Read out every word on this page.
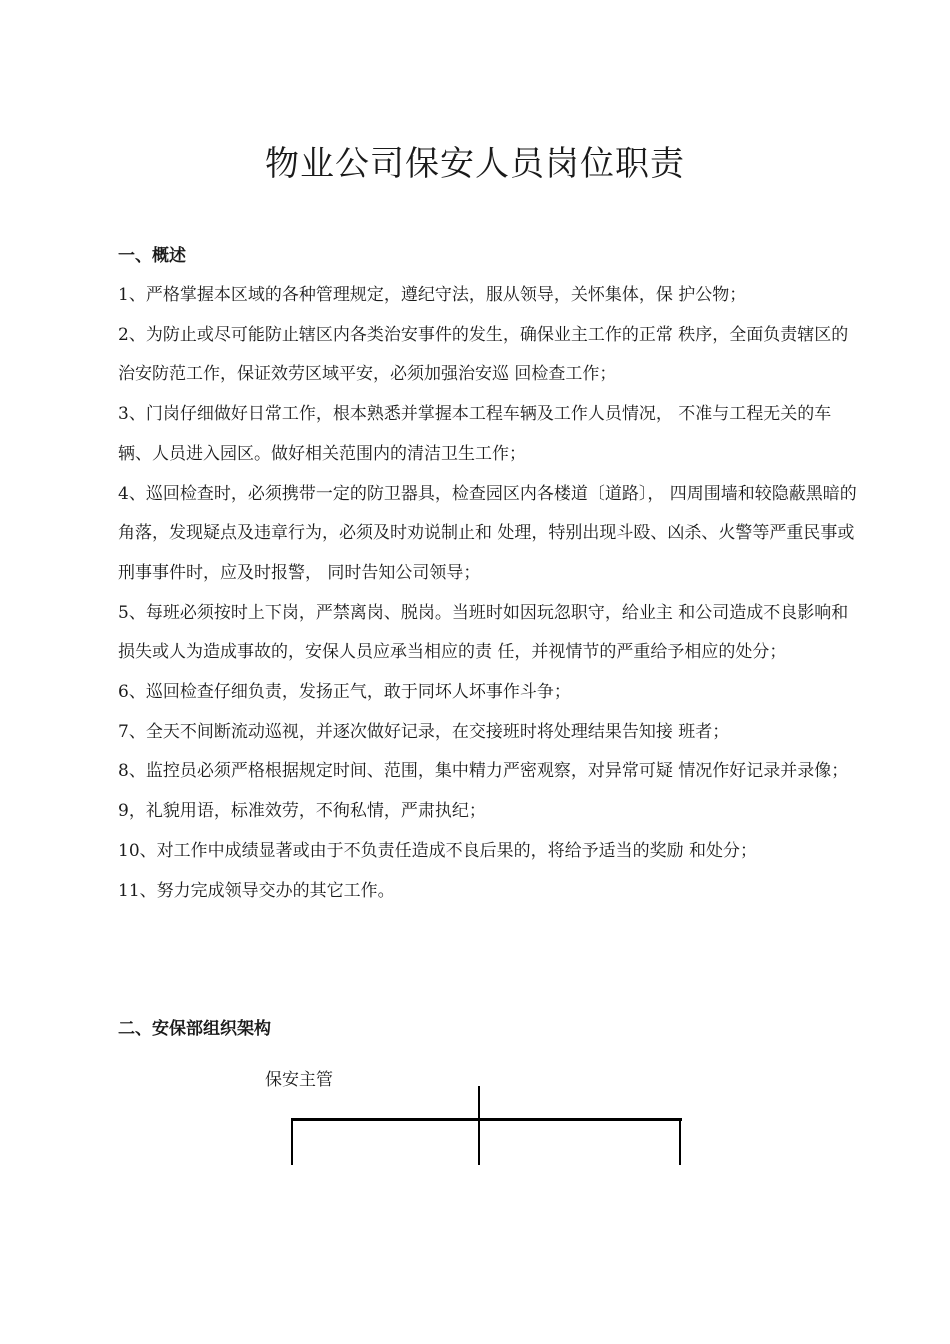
物业公司保安人员岗位职责
一、概述

1、严格掌握本区域的各种管理规定，遵纪守法，服从领导，关怀集体，保 护公物；

2、为防止或尽可能防止辖区内各类治安事件的发生，确保业主工作的正常 秩序，全面负责辖区的治安防范工作，保证效劳区域平安，必须加强治安巡 回检查工作；

3、门岗仔细做好日常工作，根本熟悉并掌握本工程车辆及工作人员情况， 不准与工程无关的车辆、人员进入园区。做好相关范围内的清洁卫生工作；

4、巡回检查时，必须携带一定的防卫器具，检查园区内各楼道〔道路〕， 四周围墙和较隐蔽黑暗的角落，发现疑点及违章行为，必须及时劝说制止和 处理，特别出现斗殴、凶杀、火警等严重民事或刑事事件时，应及时报警， 同时告知公司领导；

5、每班必须按时上下岗，严禁离岗、脱岗。当班时如因玩忽职守，给业主 和公司造成不良影响和损失或人为造成事故的，安保人员应承当相应的责 任，并视情节的严重给予相应的处分；

6、巡回检查仔细负责，发扬正气，敢于同坏人坏事作斗争；

7、全天不间断流动巡视，并逐次做好记录，在交接班时将处理结果告知接 班者；

8、监控员必须严格根据规定时间、范围，集中精力严密观察，对异常可疑 情况作好记录并录像；

9，礼貌用语，标准效劳，不徇私情，严肃执纪；

10、对工作中成绩显著或由于不负责任造成不良后果的，将给予适当的奖励 和处分；

11、努力完成领导交办的其它工作。

二、安保部组织架构
保安主管
